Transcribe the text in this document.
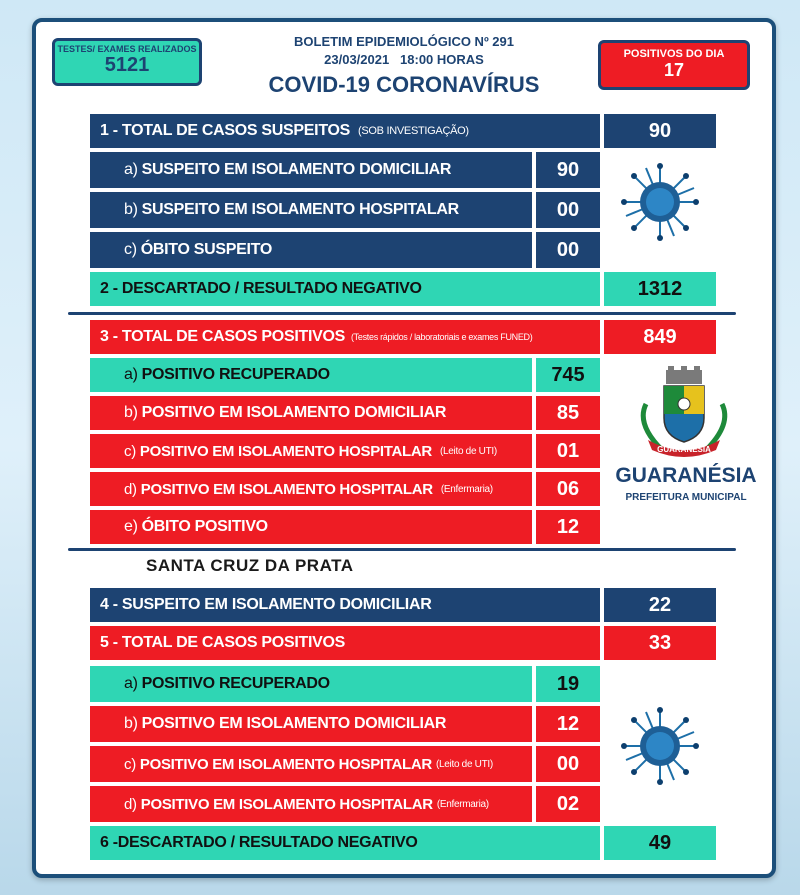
TESTES/ EXAMES REALIZADOS
5121
BOLETIM EPIDEMIOLÓGICO Nº 291
23/03/2021   18:00 HORAS
COVID-19 CORONAVÍRUS
POSITIVOS DO DIA
17
1 - TOTAL DE CASOS SUSPEITOS (SOB INVESTIGAÇÃO)	90
a) SUSPEITO EM ISOLAMENTO DOMICILIAR	90
b) SUSPEITO EM ISOLAMENTO HOSPITALAR	00
c) ÓBITO SUSPEITO	00
2 - DESCARTADO / RESULTADO NEGATIVO	1312
3 - TOTAL DE CASOS POSITIVOS (Testes rápidos / laboratoriais e exames FUNED)	849
a) POSITIVO RECUPERADO	745
b) POSITIVO EM ISOLAMENTO DOMICILIAR	85
c) POSITIVO EM ISOLAMENTO HOSPITALAR (Leito de UTI)	01
d) POSITIVO EM ISOLAMENTO HOSPITALAR (Enfermaria)	06
e) ÓBITO POSITIVO	12
GUARANÉSIA
GUARANÉSIA
PREFEITURA MUNICIPAL
SANTA CRUZ DA PRATA
4 - SUSPEITO EM ISOLAMENTO DOMICILIAR	22
5 - TOTAL DE CASOS POSITIVOS	33
a) POSITIVO RECUPERADO	19
b) POSITIVO EM ISOLAMENTO DOMICILIAR	12
c) POSITIVO EM ISOLAMENTO HOSPITALAR (Leito de UTI)	00
d) POSITIVO EM ISOLAMENTO HOSPITALAR (Enfermaria)	02
6 -DESCARTADO / RESULTADO NEGATIVO	49
